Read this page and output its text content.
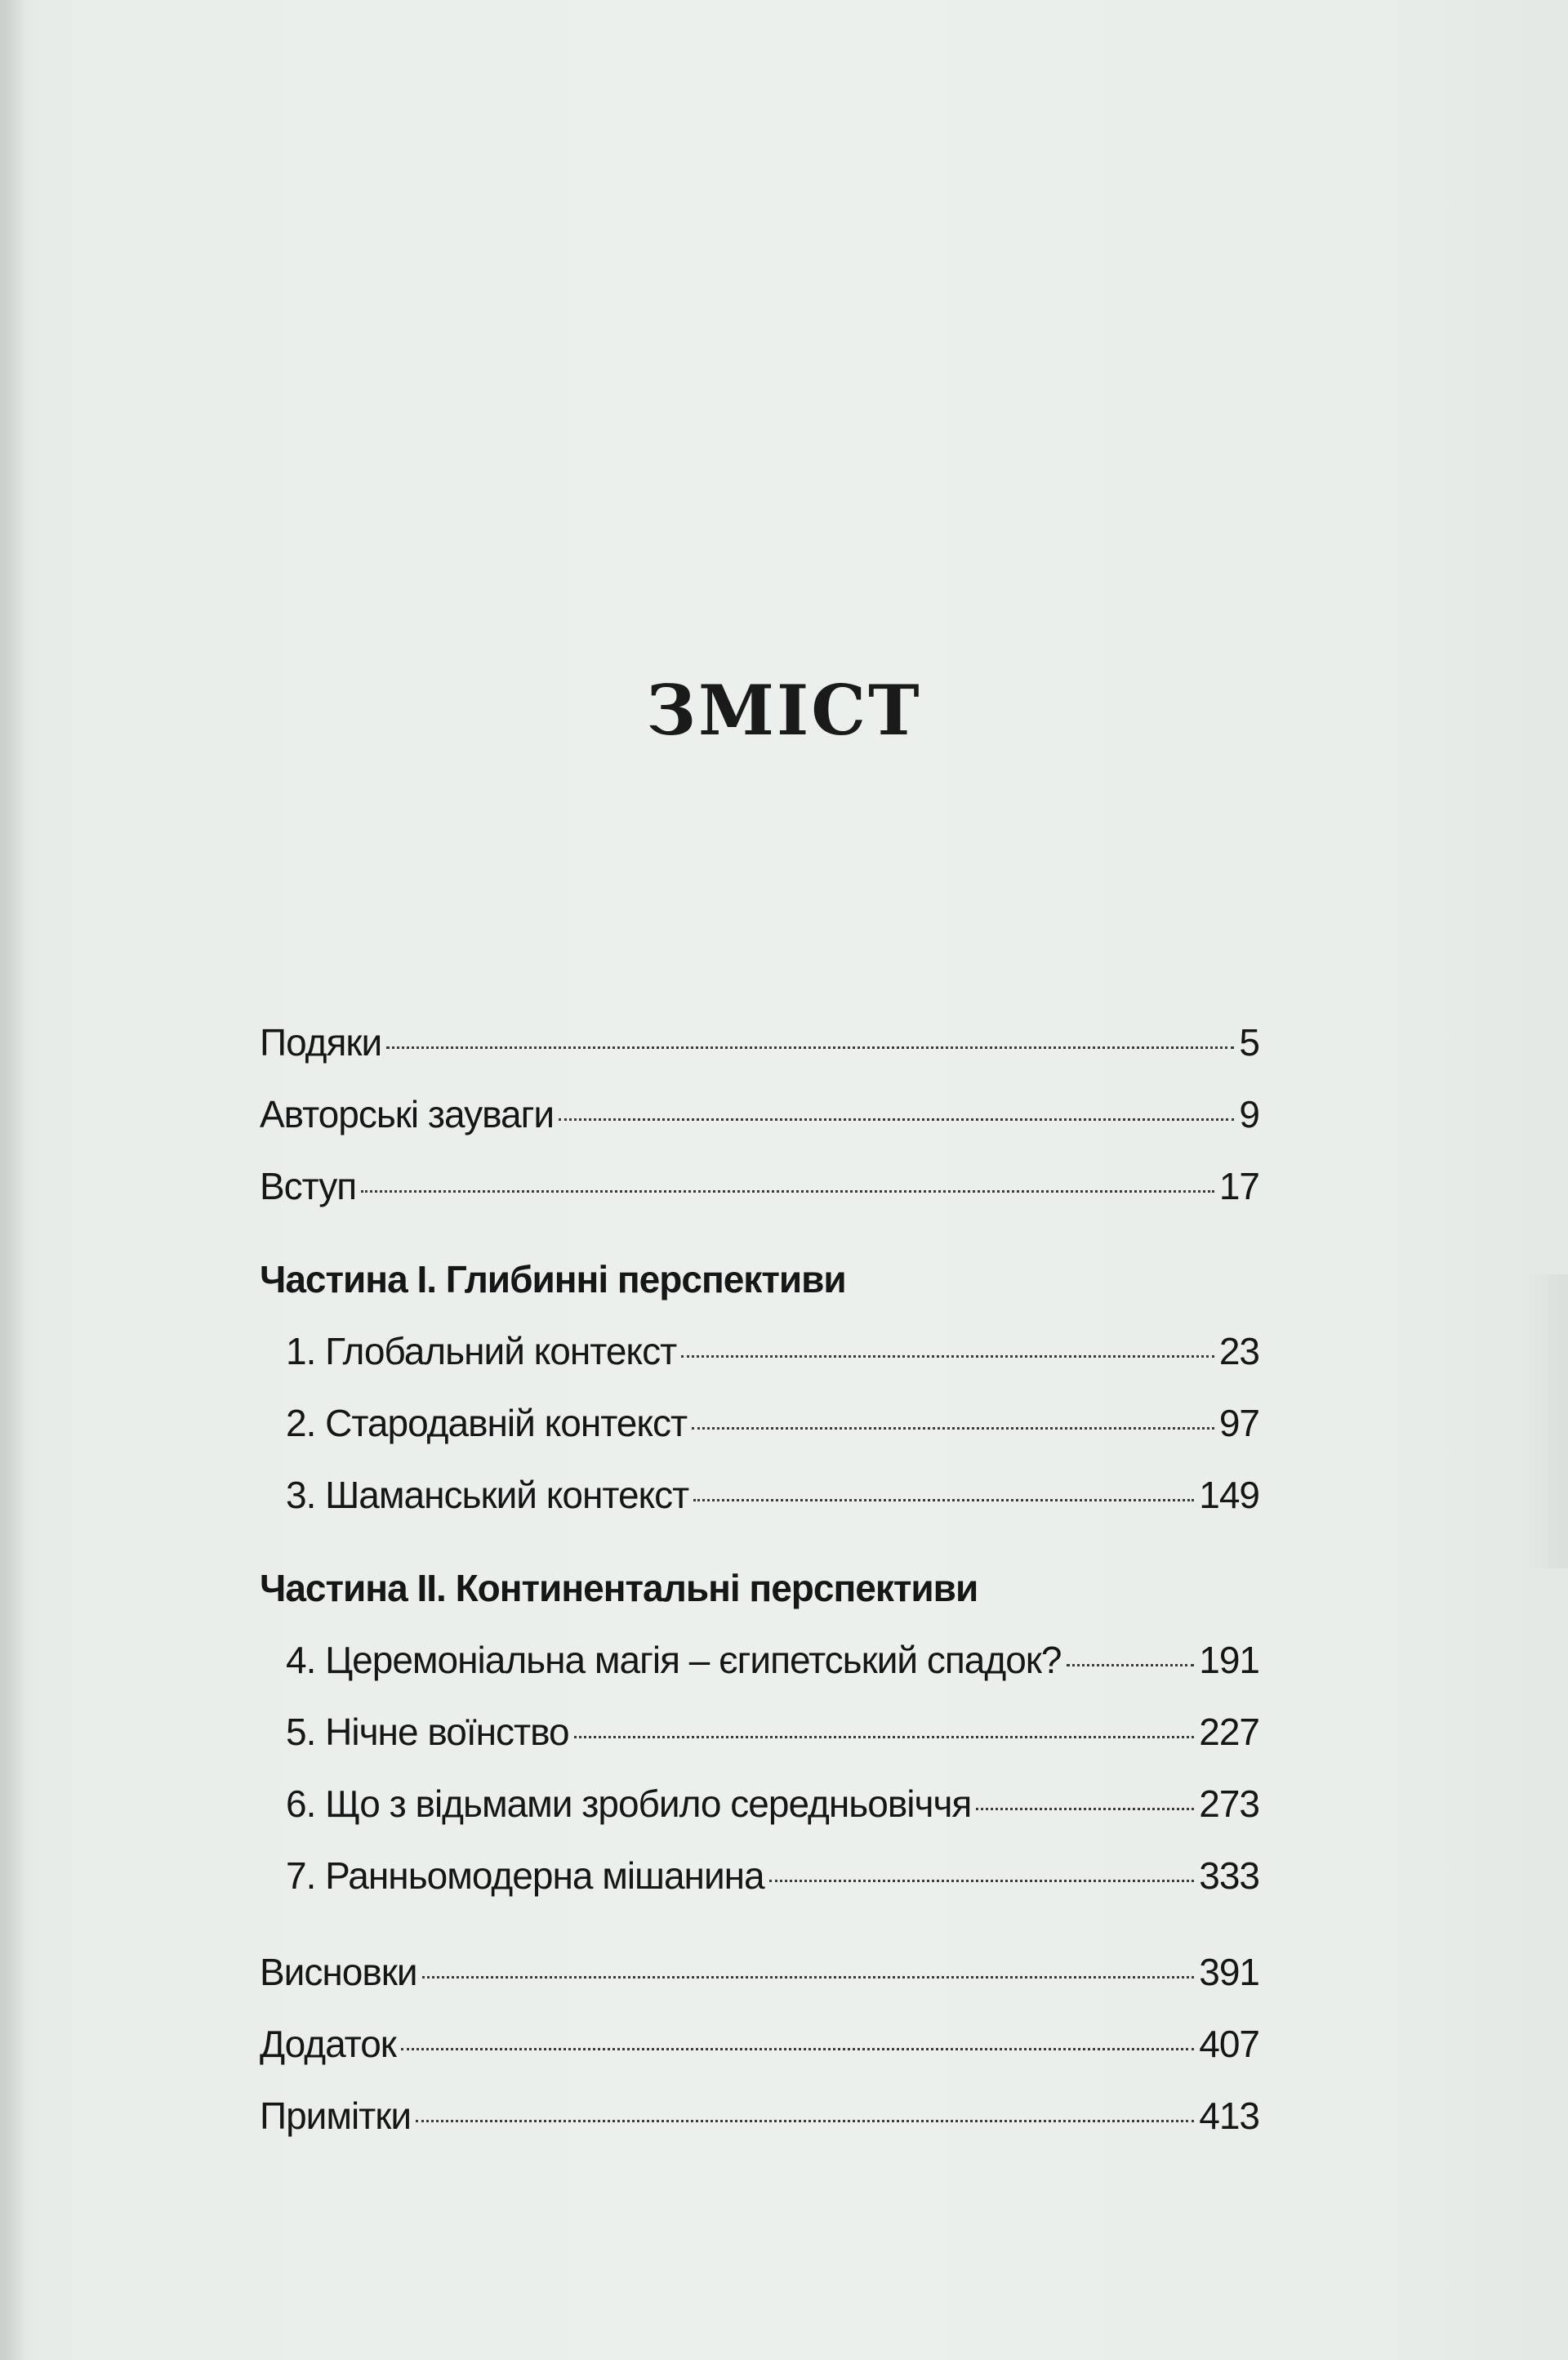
ЗМІСТ
Подяки	5
Авторські зауваги	9
Вступ	17
Частина I. Глибинні перспективи
1. Глобальний контекст	23
2. Стародавній контекст	97
3. Шаманський контекст	149
Частина II. Континентальні перспективи
4. Церемоніальна магія – єгипетський спадок?	191
5. Нічне воїнство	227
6. Що з відьмами зробило середньовіччя	273
7. Ранньомодерна мішанина	333
Висновки	391
Додаток	407
Примітки	413
